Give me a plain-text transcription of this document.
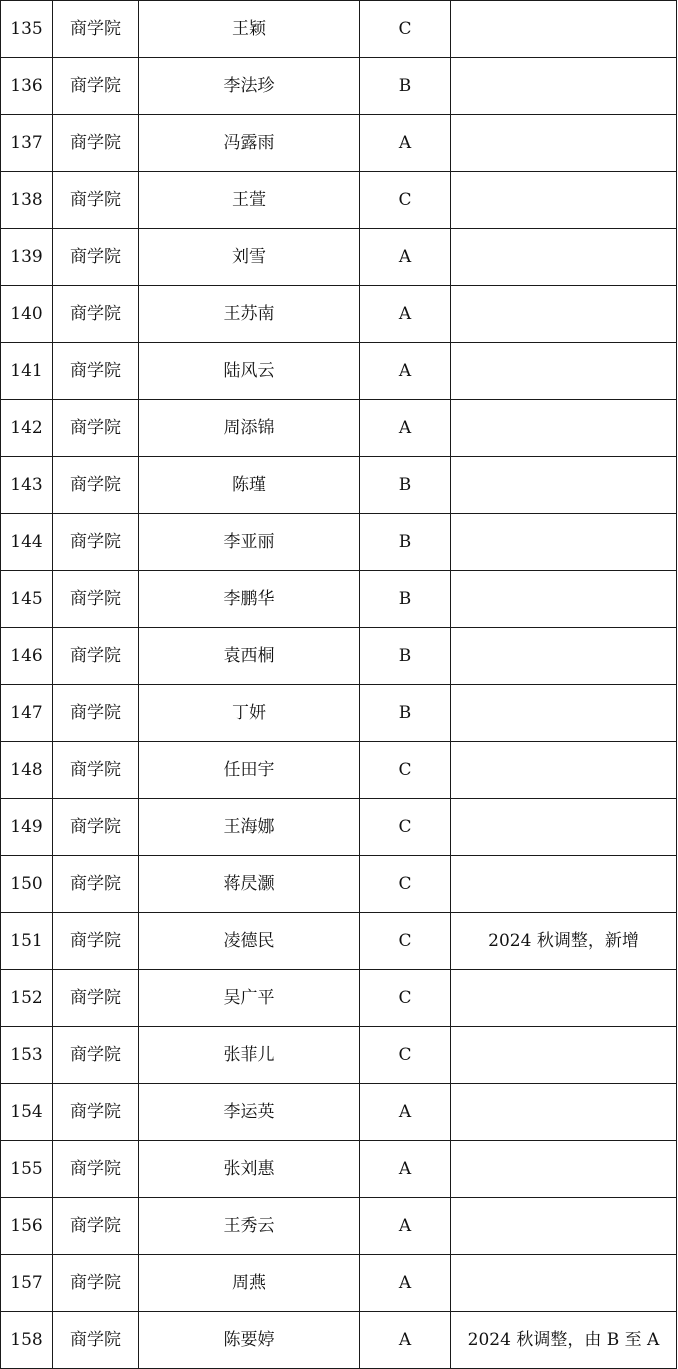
135	商学院	王颖	C	
136	商学院	李法珍	B	
137	商学院	冯露雨	A	
138	商学院	王萱	C	
139	商学院	刘雪	A	
140	商学院	王苏南	A	
141	商学院	陆风云	A	
142	商学院	周添锦	A	
143	商学院	陈瑾	B	
144	商学院	李亚丽	B	
145	商学院	李鹏华	B	
146	商学院	袁西桐	B	
147	商学院	丁妍	B	
148	商学院	任田宇	C	
149	商学院	王海娜	C	
150	商学院	蒋昃灏	C	
151	商学院	凌德民	C	2024 秋调整，新增
152	商学院	吴广平	C	
153	商学院	张菲儿	C	
154	商学院	李运英	A	
155	商学院	张刘惠	A	
156	商学院	王秀云	A	
157	商学院	周燕	A	
158	商学院	陈要婷	A	2024 秋调整，由 B 至 A
